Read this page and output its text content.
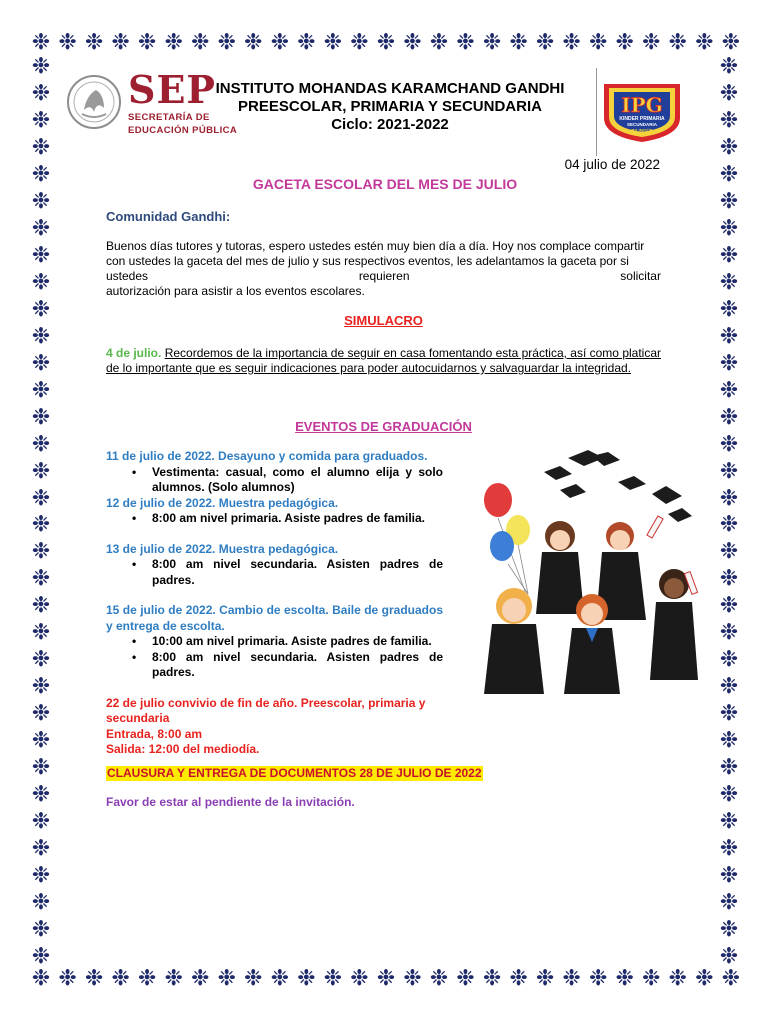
❉ ❉ ❉ ❉ ❉ ❉ ❉ ❉ ❉ ❉ ❉ ❉ ❉ ❉ ❉ ❉ ❉ ❉ ❉ ❉ ❉ ❉ ❉ ❉ ❉ ❉ ❉
❉ ❉ ❉ ❉ ❉ ❉ ❉ ❉ ❉ ❉ ❉ ❉ ❉ ❉ ❉ ❉ ❉ ❉ ❉ ❉ ❉ ❉ ❉ ❉ ❉ ❉ ❉
❉
❉
❉
❉
❉
❉
❉
❉
❉
❉
❉
❉
❉
❉
❉
❉
❉
❉
❉
❉
❉
❉
❉
❉
❉
❉
❉
❉
❉
❉
❉
❉
❉
❉
❉
❉
❉
❉
❉
❉
❉
❉
❉
❉
❉
❉
❉
❉
❉
❉
❉
❉
❉
❉
❉
❉
❉
❉
❉
❉
❉
❉
❉
❉
❉
❉
❉
❉
SEP
SECRETARÍA DE
EDUCACIÓN PÚBLICA
INSTITUTO MOHANDAS KARAMCHAND GANDHI
PREESCOLAR, PRIMARIA Y SECUNDARIA
Ciclo: 2021-2022
IPG
KINDER PRIMARIA
SECUNDARIA
BILINGÜE
04 julio de 2022
GACETA ESCOLAR DEL MES DE JULIO
Comunidad Gandhi:
Buenos días tutores y tutoras, espero ustedes estén muy bien día a día. Hoy nos complace compartir
con ustedes la gaceta del mes de julio y sus respectivos eventos, les adelantamos la gaceta por si
ustedes	requieren	solicitar
autorización para asistir a los eventos escolares.
SIMULACRO
4 de julio. Recordemos de la importancia de seguir en casa fomentando esta práctica, así como platicar de lo importante que es seguir indicaciones para poder autocuidarnos y salvaguardar la integridad.
EVENTOS DE GRADUACIÓN
11 de julio de 2022. Desayuno y comida para graduados.
• Vestimenta: casual, como el alumno elija y solo alumnos. (Solo alumnos)
12 de julio de 2022. Muestra pedagógica.
• 8:00 am nivel primaria. Asiste padres de familia.
13 de julio de 2022. Muestra pedagógica.
• 8:00 am nivel secundaria. Asisten padres de padres.
15 de julio de 2022. Cambio de escolta. Baile de graduados y entrega de escolta.
• 10:00 am nivel primaria. Asiste padres de familia.
• 8:00 am nivel secundaria. Asisten padres de padres.
22 de julio convivio de fin de año. Preescolar, primaria y secundaria
Entrada, 8:00 am
Salida: 12:00 del mediodía.
CLAUSURA Y ENTREGA DE DOCUMENTOS 28 DE JULIO DE 2022
Favor de estar al pendiente de la invitación.
